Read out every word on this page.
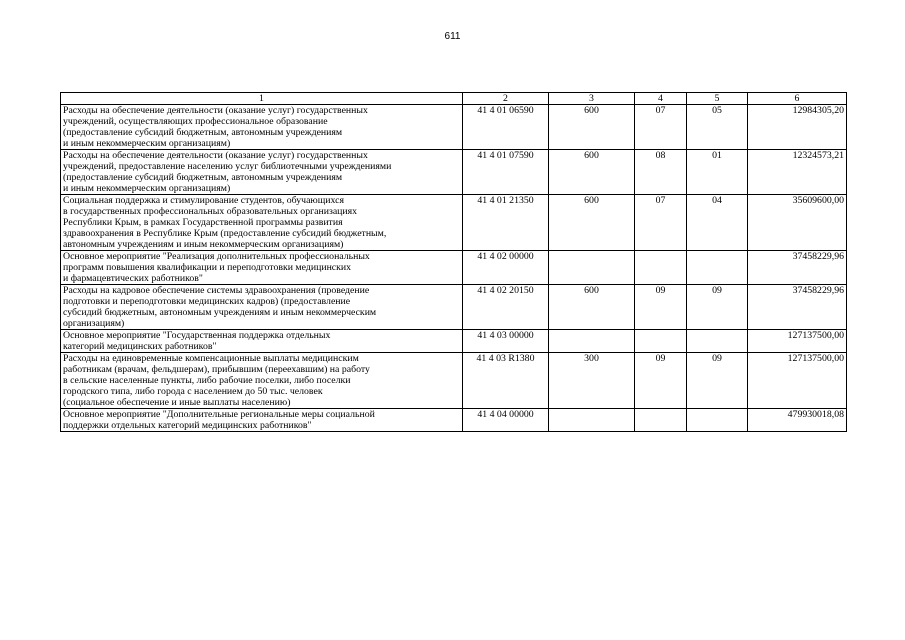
611
1	2	3	4	5	6
Расходы на обеспечение деятельности (оказание услуг) государственных
учреждений, осуществляющих профессиональное образование
(предоставление субсидий бюджетным, автономным учреждениям
и иным некоммерческим организациям)	41 4 01 06590	600	07	05	12984305,20
Расходы на обеспечение деятельности (оказание услуг) государственных
учреждений, предоставление населению услуг библиотечными учреждениями
(предоставление субсидий бюджетным, автономным учреждениям
и иным некоммерческим организациям)	41 4 01 07590	600	08	01	12324573,21
Социальная поддержка и стимулирование студентов, обучающихся
в государственных профессиональных образовательных организациях
Республики Крым, в рамках Государственной программы развития
здравоохранения в Республике Крым (предоставление субсидий бюджетным,
автономным учреждениям и иным некоммерческим организациям)	41 4 01 21350	600	07	04	35609600,00
Основное мероприятие "Реализация дополнительных профессиональных
программ повышения квалификации и переподготовки медицинских
и фармацевтических работников"	41 4 02 00000				37458229,96
Расходы на кадровое обеспечение системы здравоохранения (проведение
подготовки и переподготовки медицинских кадров) (предоставление
субсидий бюджетным, автономным учреждениям и иным некоммерческим
организациям)	41 4 02 20150	600	09	09	37458229,96
Основное мероприятие "Государственная поддержка отдельных
категорий медицинских работников"	41 4 03 00000				127137500,00
Расходы на единовременные компенсационные выплаты медицинским
работникам (врачам, фельдшерам), прибывшим (переехавшим) на работу
в сельские населенные пункты, либо рабочие поселки, либо поселки
городского типа, либо города с населением до 50 тыс. человек
(социальное обеспечение и иные выплаты населению)	41 4 03 R1380	300	09	09	127137500,00
Основное мероприятие "Дополнительные региональные меры социальной
поддержки отдельных категорий медицинских работников"	41 4 04 00000				479930018,08
